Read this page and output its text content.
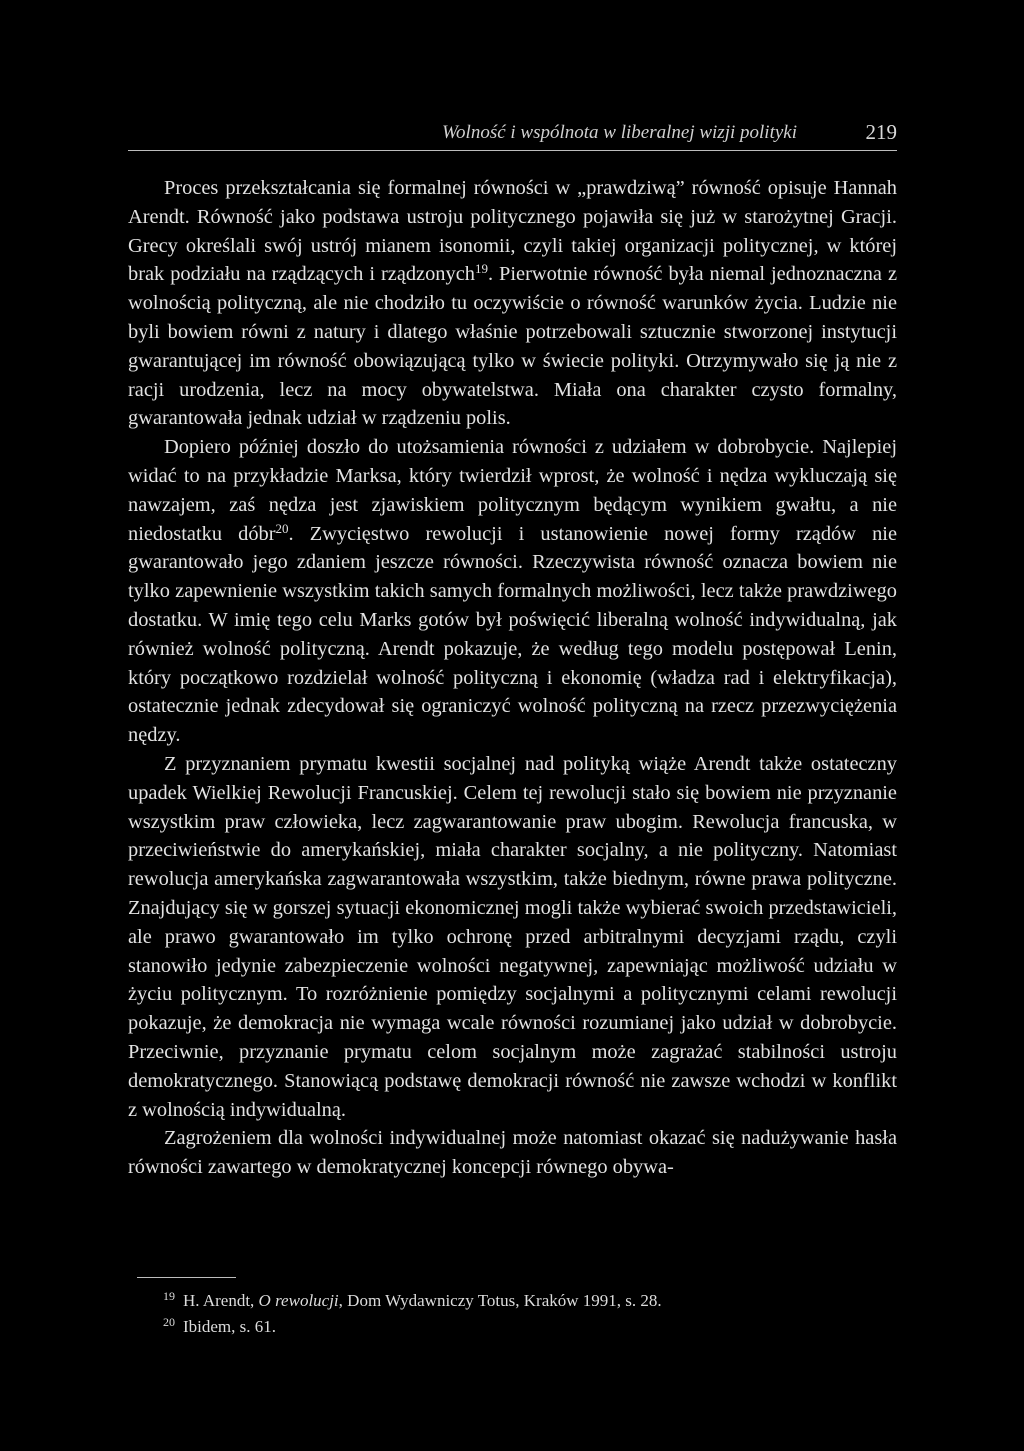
Wolność i wspólnota w liberalnej wizji polityki	219

Proces przekształcania się formalnej równości w „prawdziwą” równość opisuje Hannah Arendt. Równość jako podstawa ustroju politycznego pojawiła się już w starożytnej Gracji. Grecy określali swój ustrój mianem isonomii, czyli takiej organizacji politycznej, w której brak podziału na rządzących i rządzonych$^{19}$. Pierwotnie równość była niemal jednoznaczna z wolnością polityczną, ale nie chodziło tu oczywiście o równość warunków życia. Ludzie nie byli bowiem równi z natury i dlatego właśnie potrzebowali sztucznie stworzonej instytucji gwarantującej im równość obowiązującą tylko w świecie polityki. Otrzymywało się ją nie z racji urodzenia, lecz na mocy obywatelstwa. Miała ona charakter czysto formalny, gwarantowała jednak udział w rządzeniu polis.

Dopiero później doszło do utożsamienia równości z udziałem w dobrobycie. Najlepiej widać to na przykładzie Marksa, który twierdził wprost, że wolność i nędza wykluczają się nawzajem, zaś nędza jest zjawiskiem politycznym będącym wynikiem gwałtu, a nie niedostatku dóbr$^{20}$. Zwycięstwo rewolucji i ustanowienie nowej formy rządów nie gwarantowało jego zdaniem jeszcze równości. Rzeczywista równość oznacza bowiem nie tylko zapewnienie wszystkim takich samych formalnych możliwości, lecz także prawdziwego dostatku. W imię tego celu Marks gotów był poświęcić liberalną wolność indywidualną, jak również wolność polityczną. Arendt pokazuje, że według tego modelu postępował Lenin, który początkowo rozdzielał wolność polityczną i ekonomię (władza rad i elektryfikacja), ostatecznie jednak zdecydował się ograniczyć wolność polityczną na rzecz przezwyciężenia nędzy.

Z przyznaniem prymatu kwestii socjalnej nad polityką wiąże Arendt także ostateczny upadek Wielkiej Rewolucji Francuskiej. Celem tej rewolucji stało się bowiem nie przyznanie wszystkim praw człowieka, lecz zagwarantowanie praw ubogim. Rewolucja francuska, w przeciwieństwie do amerykańskiej, miała charakter socjalny, a nie polityczny. Natomiast rewolucja amerykańska zagwarantowała wszystkim, także biednym, równe prawa polityczne. Znajdujący się w gorszej sytuacji ekonomicznej mogli także wybierać swoich przedstawicieli, ale prawo gwarantowało im tylko ochronę przed arbitralnymi decyzjami rządu, czyli stanowiło jedynie zabezpieczenie wolności negatywnej, zapewniając możliwość udziału w życiu politycznym. To rozróżnienie pomiędzy socjalnymi a politycznymi celami rewolucji pokazuje, że demokracja nie wymaga wcale równości rozumianej jako udział w dobrobycie. Przeciwnie, przyznanie prymatu celom socjalnym może zagrażać stabilności ustroju demokratycznego. Stanowiącą podstawę demokracji równość nie zawsze wchodzi w konflikt z wolnością indywidualną.

Zagrożeniem dla wolności indywidualnej może natomiast okazać się nadużywanie hasła równości zawartego w demokratycznej koncepcji równego obywa-

$^{19}$ H. Arendt, O rewolucji, Dom Wydawniczy Totus, Kraków 1991, s. 28.

$^{20}$ Ibidem, s. 61.
